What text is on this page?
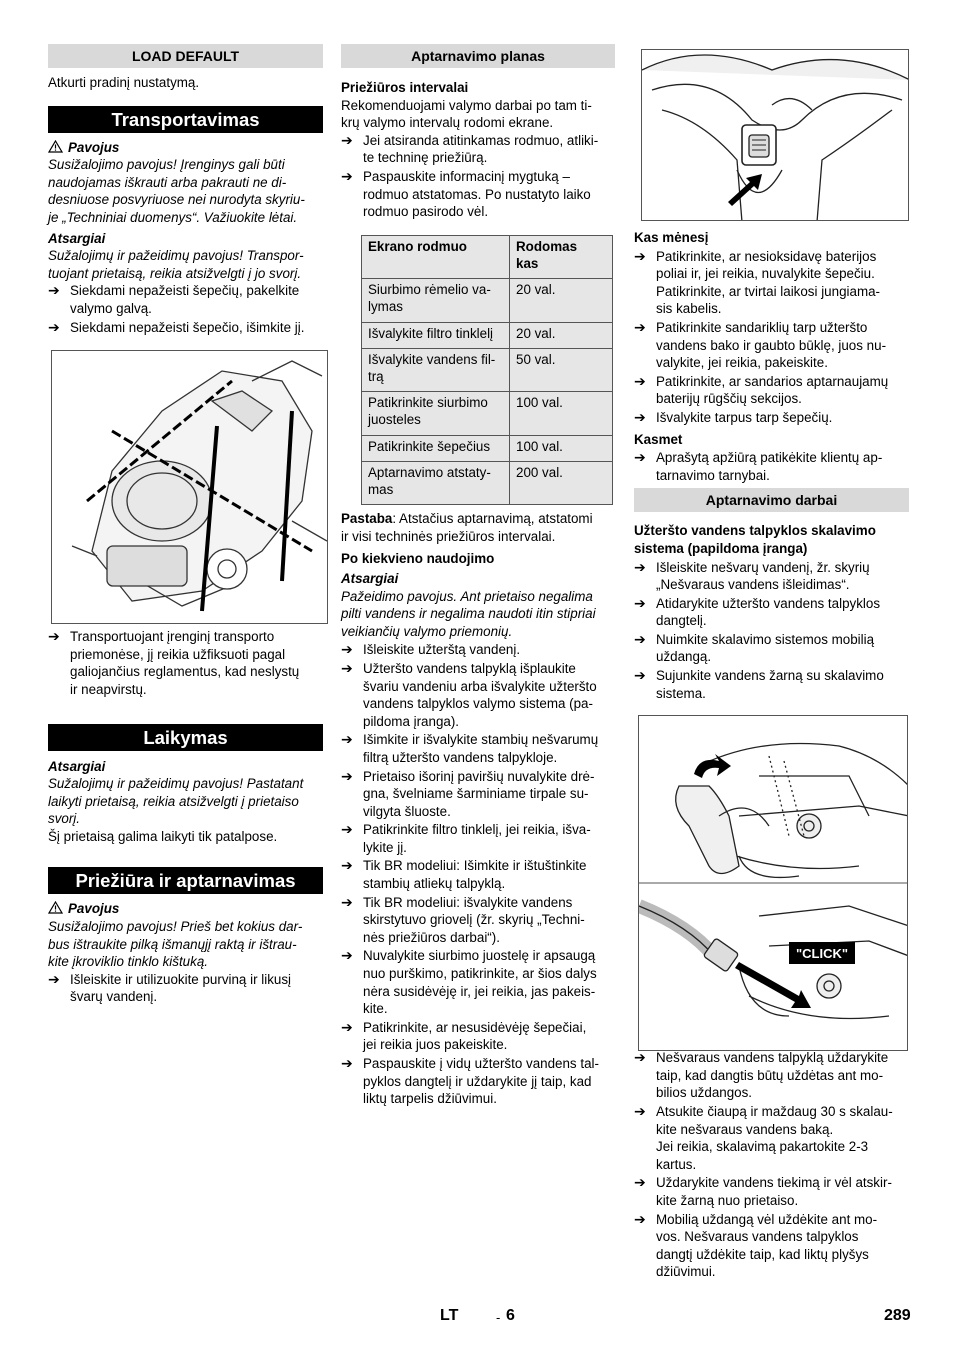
LOAD DEFAULT

Atkurti pradinį nustatymą.

Transportavimas

Pavojus

Susižalojimo pavojus! Įrenginys gali būti
naudojamas iškrauti arba pakrauti ne di-
desniuose posvyriuose nei nurodyta skyriu-
je „Techniniai duomenys“. Važiuokite lėtai.
Atsargiai
Sužalojimų ir pažeidimų pavojus! Transpor-
tuojant prietaisą, reikia atsižvelgti į jo svorį.
➔ Siekdami nepažeisti šepečių, pakelkite
valymo galvą.
➔ Siekdami nepažeisti šepečio, išimkite jį.
➔ Transportuojant įrenginį transporto
priemonėse, jį reikia užfiksuoti pagal
galiojančius reglamentus, kad neslystų
ir neapvirstų.
Laikymas
Atsargiai
Sužalojimų ir pažeidimų pavojus! Pastatant
laikyti prietaisą, reikia atsižvelgti į prietaiso
svorį.
Šį prietaisą galima laikyti tik patalpose.
Priežiūra ir aptarnavimas

Pavojus

Susižalojimo pavojus! Prieš bet kokius dar-
bus ištraukite pilką išmanųjį raktą ir ištrau-
kite įkroviklio tinklo kištuką.
➔ Išleiskite ir utilizuokite purviną ir likusį
švarų vandenį.
Aptarnavimo planas
Priežiūros intervalai
Rekomenduojami valymo darbai po tam ti-
krų valymo intervalų rodomi ekrane.
➔ Jei atsiranda atitinkamas rodmuo, atliki-
te techninę priežiūrą.
➔ Paspauskite informacinį mygtuką –
rodmuo atstatomas. Po nustatyto laiko
rodmuo pasirodo vėl.
Ekrano rodmuo	Rodomas
kas

Siurbimo rėmelio va-
lymas	20 val.
Išvalykite filtro tinklelį	20 val.

Išvalykite vandens fil-
trą	50 val.

Patikrinkite siurbimo
juosteles	100 val.
Patikrinkite šepečius	100 val.

Aptarnavimo atstaty-
mas	200 val.
Pastaba: Atstačius aptarnavimą, atstatomi
ir visi techninės priežiūros intervalai.
Po kiekvieno naudojimo
Atsargiai
Pažeidimo pavojus. Ant prietaiso negalima
pilti vandens ir negalima naudoti itin stipriai
veikiančių valymo priemonių.
➔ Išleiskite užterštą vandenį.
➔ Užteršto vandens talpyklą išplaukite
švariu vandeniu arba išvalykite užteršto
vandens talpyklos valymo sistema (pa-
pildoma įranga).
➔ Išimkite ir išvalykite stambių nešvarumų
filtrą užteršto vandens talpykloje.
➔ Prietaiso išorinį paviršių nuvalykite drė-
gna, švelniame šarminiame tirpale su-
vilgyta šluoste.
➔ Patikrinkite filtro tinklelį, jei reikia, išva-
lykite jį.
➔ Tik BR modeliui: Išimkite ir ištuštinkite
stambių atliekų talpyklą.
➔ Tik BR modeliui: išvalykite vandens
skirstytuvo griovelį (žr. skyrių „Techni-
nės priežiūros darbai“).
➔ Nuvalykite siurbimo juostelę ir apsaugą
nuo purškimo, patikrinkite, ar šios dalys
nėra susidėvėję ir, jei reikia, jas pakeis-
kite.
➔ Patikrinkite, ar nesusidėvėję šepečiai,
jei reikia juos pakeiskite.
➔ Paspauskite į vidų užteršto vandens tal-
pyklos dangtelį ir uždarykite jį taip, kad
liktų tarpelis džiūvimui.
Kas mėnesį
➔ Patikrinkite, ar nesioksidavę baterijos
poliai ir, jei reikia, nuvalykite šepečiu.
Patikrinkite, ar tvirtai laikosi jungiama-
sis kabelis.
➔ Patikrinkite sandariklių tarp užteršto
vandens bako ir gaubto būklę, juos nu-
valykite, jei reikia, pakeiskite.
➔ Patikrinkite, ar sandarios aptarnaujamų
baterijų rūgščių sekcijos.
➔ Išvalykite tarpus tarp šepečių.
Kasmet
➔ Aprašytą apžiūrą patikėkite klientų ap-
tarnavimo tarnybai.
Aptarnavimo darbai
Užteršto vandens talpyklos skalavimo
sistema (papildoma įranga)
➔ Išleiskite nešvarų vandenį, žr. skyrių
„Nešvaraus vandens išleidimas“.
➔ Atidarykite užteršto vandens talpyklos
dangtelį.
➔ Nuimkite skalavimo sistemos mobilią
uždangą.
➔ Sujunkite vandens žarną su skalavimo
sistema.
"CLICK"
➔ Nešvaraus vandens talpyklą uždarykite
taip, kad dangtis būtų uždėtas ant mo-
bilios uždangos.
➔ Atsukite čiaupą ir maždaug 30 s skalau-
kite nešvaraus vandens baką.
Jei reikia, skalavimą pakartokite 2-3
kartus.
➔ Uždarykite vandens tiekimą ir vėl atskir-
kite žarną nuo prietaiso.
➔ Mobilią uždangą vėl uždėkite ant mo-
vos. Nešvaraus vandens talpyklos
dangtį uždėkite taip, kad liktų plyšys
džiūvimui.
LT	- 6	289
